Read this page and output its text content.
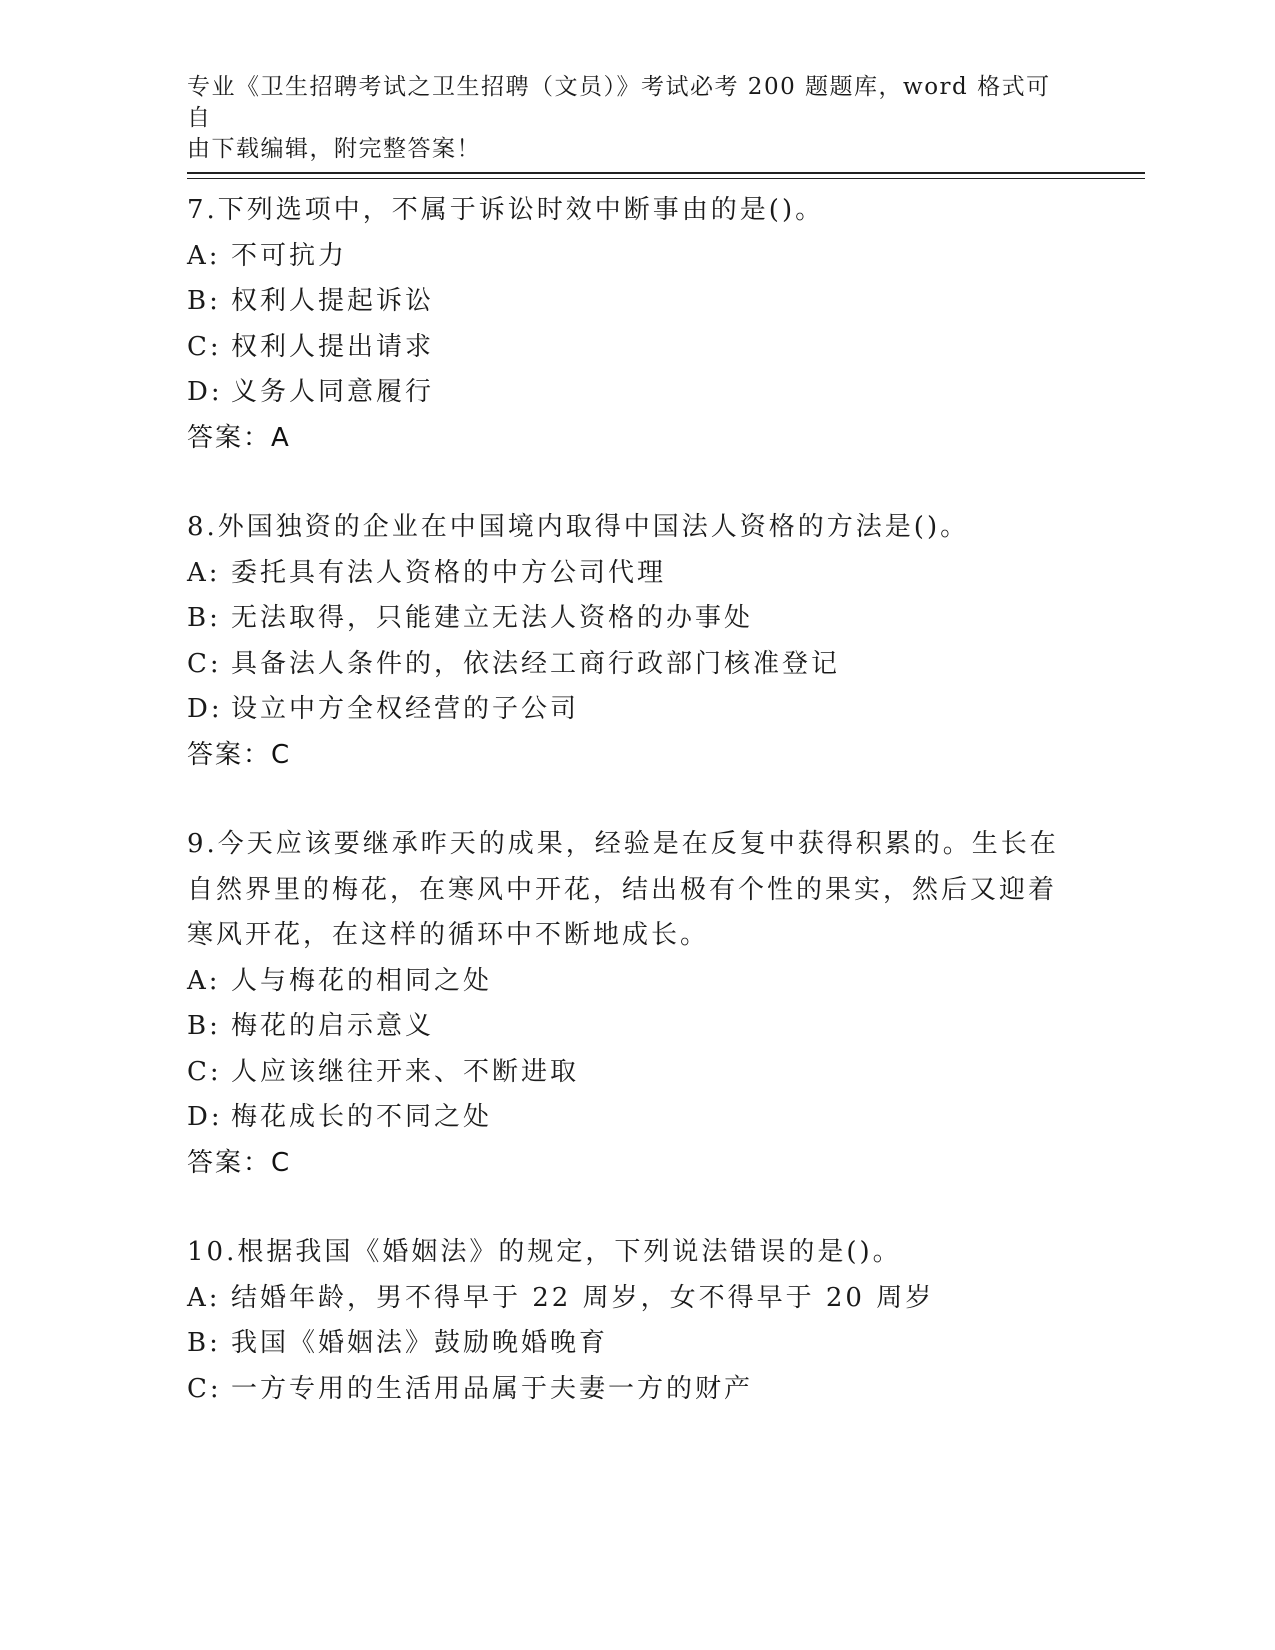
专业《卫生招聘考试之卫生招聘（文员）》考试必考 200 题题库，word 格式可自
由下载编辑，附完整答案！
7.下列选项中，不属于诉讼时效中断事由的是()。
A: 不可抗力
B: 权利人提起诉讼
C: 权利人提出请求
D: 义务人同意履行
答案：A
8.外国独资的企业在中国境内取得中国法人资格的方法是()。
A: 委托具有法人资格的中方公司代理
B: 无法取得，只能建立无法人资格的办事处
C: 具备法人条件的，依法经工商行政部门核准登记
D: 设立中方全权经营的子公司
答案：C
9.今天应该要继承昨天的成果，经验是在反复中获得积累的。生长在
自然界里的梅花，在寒风中开花，结出极有个性的果实，然后又迎着
寒风开花，在这样的循环中不断地成长。
A: 人与梅花的相同之处
B: 梅花的启示意义
C: 人应该继往开来、不断进取
D: 梅花成长的不同之处
答案：C
10.根据我国《婚姻法》的规定，下列说法错误的是()。
A: 结婚年龄，男不得早于 22 周岁，女不得早于 20 周岁
B: 我国《婚姻法》鼓励晚婚晚育
C: 一方专用的生活用品属于夫妻一方的财产
